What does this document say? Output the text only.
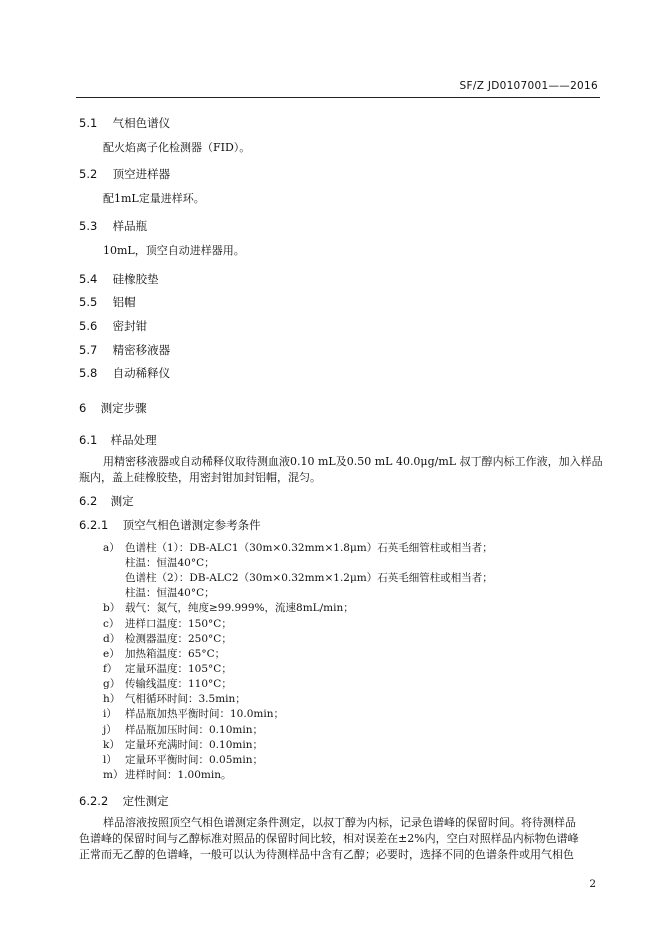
SF/Z JD0107001——2016
5.1 气相色谱仪
配火焰离子化检测器（FID）。
5.2 顶空进样器
配1mL定量进样环。
5.3 样品瓶
10mL，顶空自动进样器用。
5.4 硅橡胶垫
5.5 铝帽
5.6 密封钳
5.7 精密移液器
5.8 自动稀释仪
6 测定步骤
6.1 样品处理
用精密移液器或自动稀释仪取待测血液0.10 mL及0.50 mL 40.0μg/mL 叔丁醇内标工作液，加入样品
瓶内，盖上硅橡胶垫，用密封钳加封铝帽，混匀。
6.2 测定
6.2.1 顶空气相色谱测定参考条件
a） 色谱柱（1）：DB-ALC1（30m×0.32mm×1.8μm）石英毛细管柱或相当者；
柱温：恒温40°C；
色谱柱（2）：DB-ALC2（30m×0.32mm×1.2μm）石英毛细管柱或相当者；
柱温：恒温40°C；
b） 载气：氮气，纯度≥99.999%，流速8mL/min；
c） 进样口温度：150°C；
d） 检测器温度：250°C；
e） 加热箱温度：65°C；
f） 定量环温度：105°C；
g） 传输线温度：110°C；
h） 气相循环时间：3.5min；
i） 样品瓶加热平衡时间：10.0min；
j） 样品瓶加压时间：0.10min；
k） 定量环充满时间：0.10min；
l） 定量环平衡时间：0.05min；
m） 进样时间：1.00min。
6.2.2 定性测定
样品溶液按照顶空气相色谱测定条件测定，以叔丁醇为内标，记录色谱峰的保留时间。将待测样品
色谱峰的保留时间与乙醇标准对照品的保留时间比较，相对误差在±2%内，空白对照样品内标物色谱峰
正常而无乙醇的色谱峰，一般可以认为待测样品中含有乙醇；必要时，选择不同的色谱条件或用气相色
2
